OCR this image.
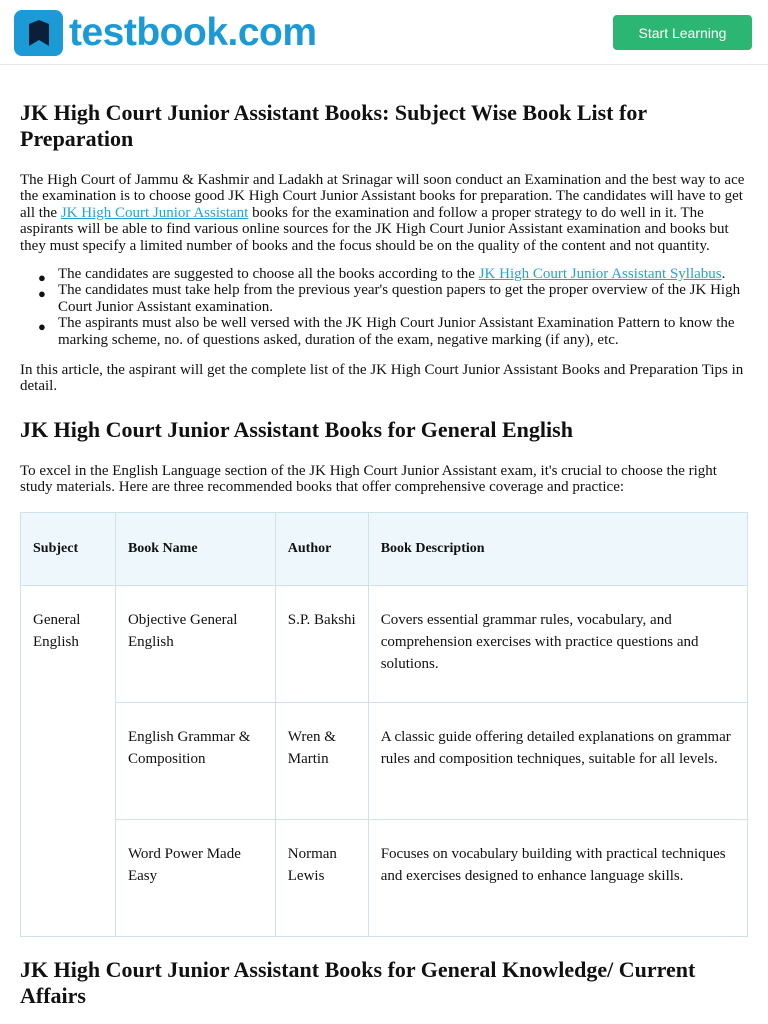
testbook.com	Start Learning
JK High Court Junior Assistant Books: Subject Wise Book List for Preparation

The High Court of Jammu & Kashmir and Ladakh at Srinagar will soon conduct an Examination and the best way to ace the examination is to choose good JK High Court Junior Assistant books for preparation. The candidates will have to get all the JK High Court Junior Assistant books for the examination and follow a proper strategy to do well in it. The aspirants will be able to find various online sources for the JK High Court Junior Assistant examination and books but they must specify a limited number of books and the focus should be on the quality of the content and not quantity.

● The candidates are suggested to choose all the books according to the JK High Court Junior Assistant Syllabus.
● The candidates must take help from the previous year's question papers to get the proper overview of the JK High Court Junior Assistant examination.
● The aspirants must also be well versed with the JK High Court Junior Assistant Examination Pattern to know the marking scheme, no. of questions asked, duration of the exam, negative marking (if any), etc.

In this article, the aspirant will get the complete list of the JK High Court Junior Assistant Books and Preparation Tips in detail.

JK High Court Junior Assistant Books for General English

To excel in the English Language section of the JK High Court Junior Assistant exam, it's crucial to choose the right study materials. Here are three recommended books that offer comprehensive coverage and practice:

Subject	Book Name	Author	Book Description
General English	Objective General English	S.P. Bakshi	Covers essential grammar rules, vocabulary, and comprehension exercises with practice questions and solutions.
	English Grammar & Composition	Wren & Martin	A classic guide offering detailed explanations on grammar rules and composition techniques, suitable for all levels.
	Word Power Made Easy	Norman Lewis	Focuses on vocabulary building with practical techniques and exercises designed to enhance language skills.
JK High Court Junior Assistant Books for General Knowledge/ Current Affairs
